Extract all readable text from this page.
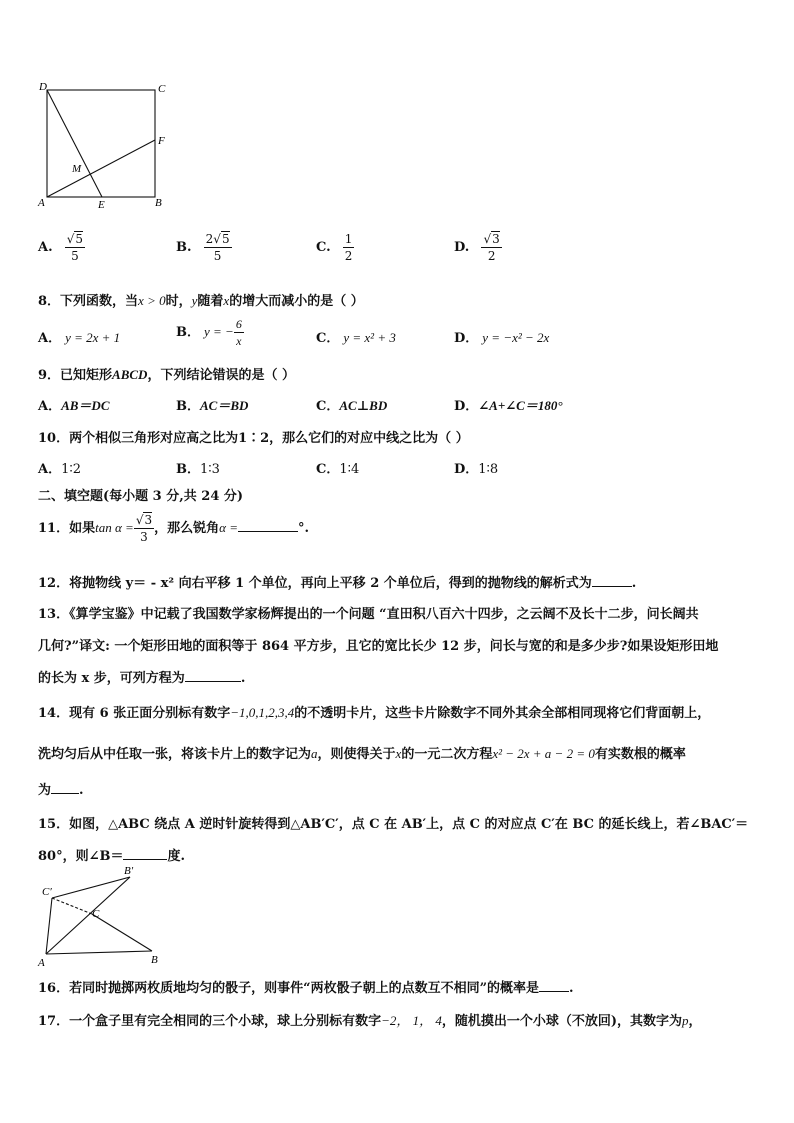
D	C
F
M
A	E	B
A. $\frac{√5}{5}$	B. $\frac{2√5}{5}$	C. $\frac{1}{2}$	D. $\frac{√3}{2}$
8．下列函数，当x > 0时，y随着x的增大而减小的是（ ）
A． y = 2x + 1	B． y = − $\frac{6}{x}$	C． y = x² + 3	D． y = −x² − 2x
9．已知矩形ABCD，下列结论错误的是（ ）
A．AB＝DC	B．AC＝BD	C．AC⊥BD	D．∠A+∠C＝180°
10．两个相似三角形对应高之比为1∶2，那么它们的对应中线之比为（ ）
A．1∶2	B．1∶3	C．1∶4	D．1∶8
二、填空题(每小题 3 分,共 24 分)
11．如果$\tan \alpha = \frac{√3}{3}$ ，那么锐角α =	°.
12．将抛物线 y＝ - x² 向右平移 1 个单位，再向上平移 2 个单位后，得到的抛物线的解析式为	.
13．《算学宝鉴》中记载了我国数学家杨辉提出的一个问题 “直田积八百六十四步，之云阔不及长十二步，问长阔共
几何?”译文: 一个矩形田地的面积等于 864 平方步，且它的宽比长少 12 步，问长与宽的和是多少步?如果设矩形田地
的长为 x 步，可列方程为	.
14．现有 6 张正面分别标有数字−1,0,1,2,3,4的不透明卡片，这些卡片除数字不同外其余全部相同现将它们背面朝上，
洗均匀后从中任取一张，将该卡片上的数字记为a，则使得关于x的一元二次方程x² − 2x + a − 2 = 0有实数根的概率
为 .
15．如图，△ABC 绕点 A 逆时针旋转得到△AB′C′，点 C 在 AB′上，点 C 的对应点 C′在 BC 的延长线上，若∠BAC′＝
80°，则∠B＝	度.
C′
B′
C
A	B
16．若同时抛掷两枚质地均匀的骰子，则事件“两枚骰子朝上的点数互不相同”的概率是 .
17．一个盒子里有完全相同的三个小球，球上分别标有数字−2， 1， 4，随机摸出一个小球（不放回)，其数字为p，
